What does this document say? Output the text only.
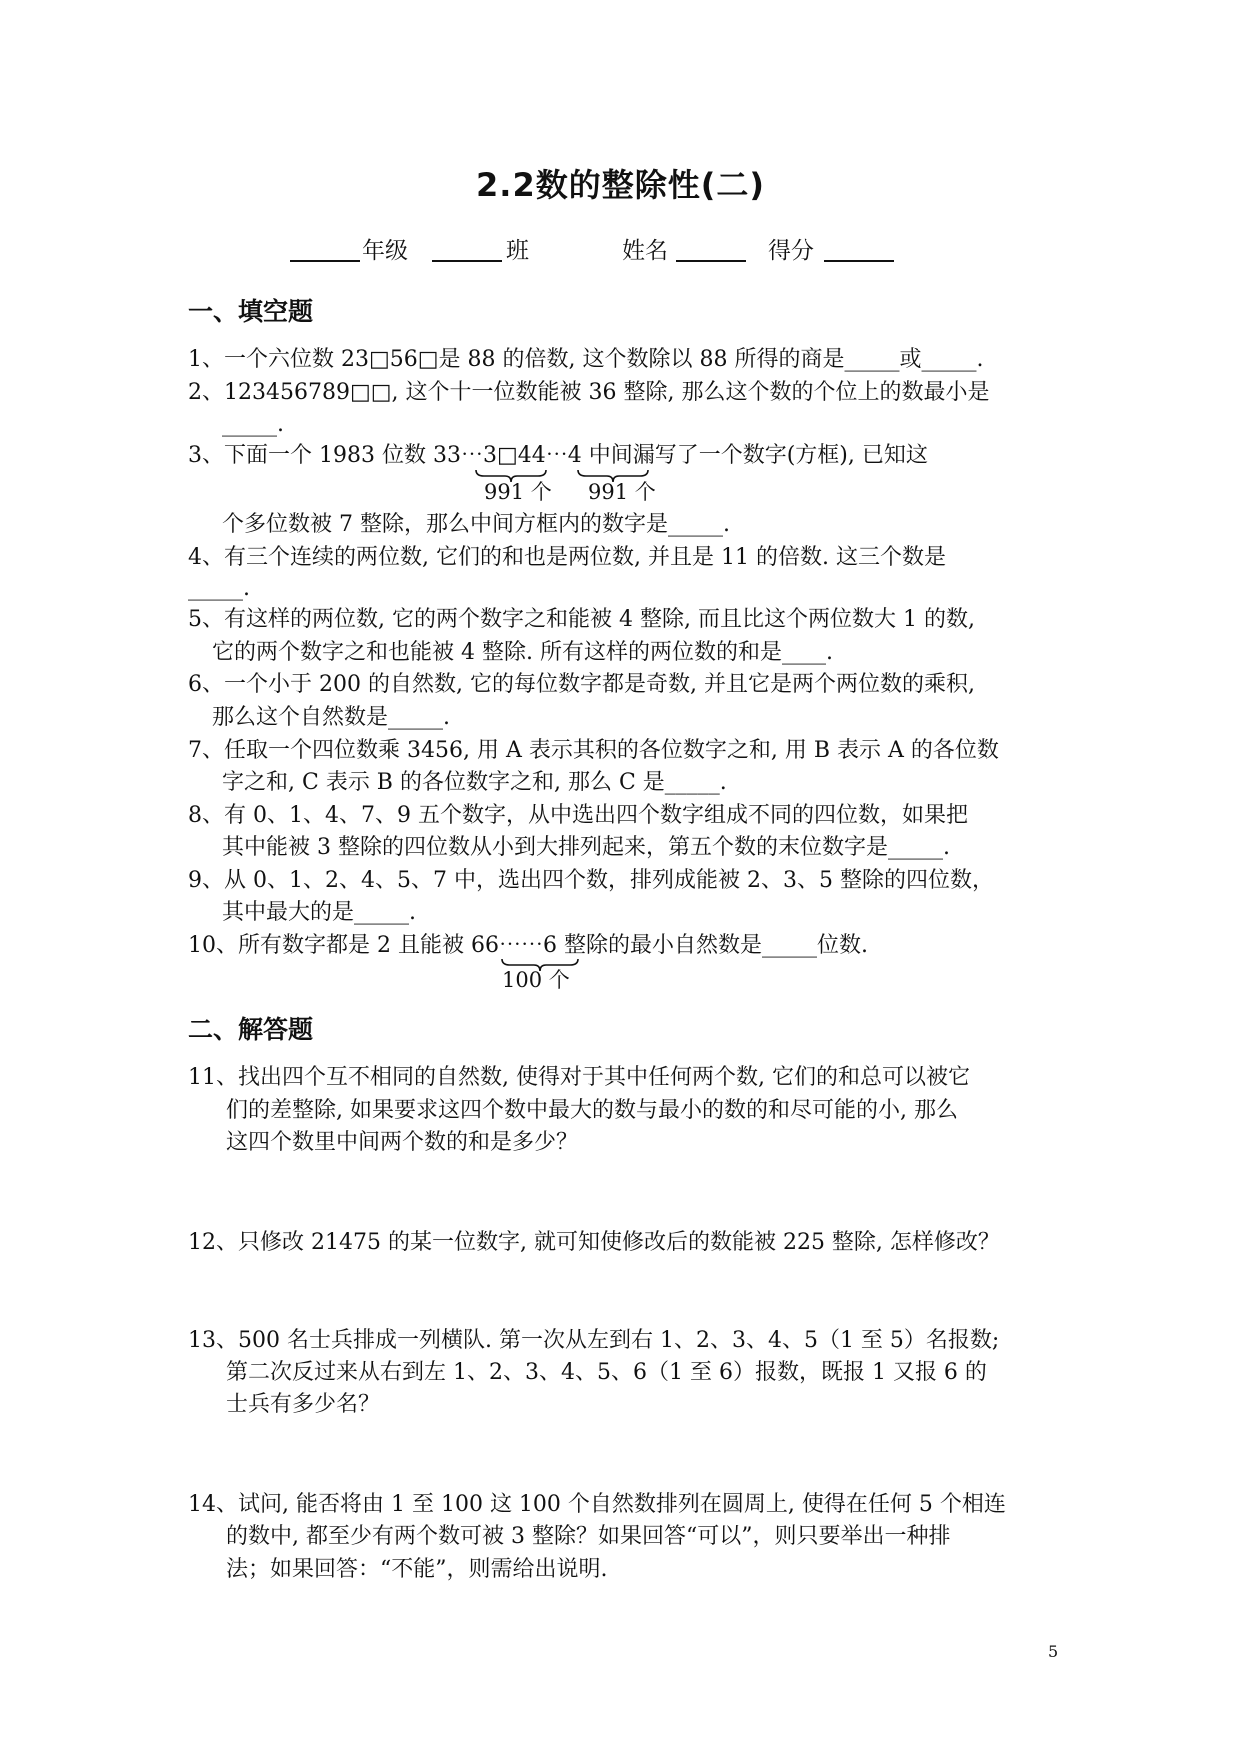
2.2数的整除性(二)
年级	班	姓名	得分
一、填空题
1、一个六位数 23□56□是 88 的倍数, 这个数除以 88 所得的商是_____或_____.
2、123456789□□, 这个十一位数能被 36 整除, 那么这个数的个位上的数最小是
_____.
3、下面一个 1983 位数 33⋯3□44⋯4 中间漏写了一个数字(方框), 已知这
991 个 991 个
个多位数被 7 整除，那么中间方框内的数字是_____.
4、有三个连续的两位数, 它们的和也是两位数, 并且是 11 的倍数. 这三个数是
_____.
5、有这样的两位数, 它的两个数字之和能被 4 整除, 而且比这个两位数大 1 的数,
它的两个数字之和也能被 4 整除. 所有这样的两位数的和是____.
6、一个小于 200 的自然数, 它的每位数字都是奇数, 并且它是两个两位数的乘积,
那么这个自然数是_____.
7、任取一个四位数乘 3456, 用 A 表示其积的各位数字之和, 用 B 表示 A 的各位数
字之和, C 表示 B 的各位数字之和, 那么 C 是_____.
8、有 0、1、4、7、9 五个数字，从中选出四个数字组成不同的四位数，如果把
其中能被 3 整除的四位数从小到大排列起来，第五个数的末位数字是_____.
9、从 0、1、2、4、5、7 中，选出四个数，排列成能被 2、3、5 整除的四位数，
其中最大的是_____.
10、所有数字都是 2 且能被 66⋯⋯6 整除的最小自然数是_____位数.
100 个
二、解答题
11、找出四个互不相同的自然数, 使得对于其中任何两个数, 它们的和总可以被它
们的差整除, 如果要求这四个数中最大的数与最小的数的和尽可能的小, 那么
这四个数里中间两个数的和是多少？
12、只修改 21475 的某一位数字, 就可知使修改后的数能被 225 整除, 怎样修改？
13、500 名士兵排成一列横队. 第一次从左到右 1、2、3、4、5（1 至 5）名报数;
第二次反过来从右到左 1、2、3、4、5、6（1 至 6）报数，既报 1 又报 6 的
士兵有多少名？
14、试问, 能否将由 1 至 100 这 100 个自然数排列在圆周上, 使得在任何 5 个相连
的数中, 都至少有两个数可被 3 整除？如果回答“可以”，则只要举出一种排
法；如果回答：“不能”，则需给出说明.
5
